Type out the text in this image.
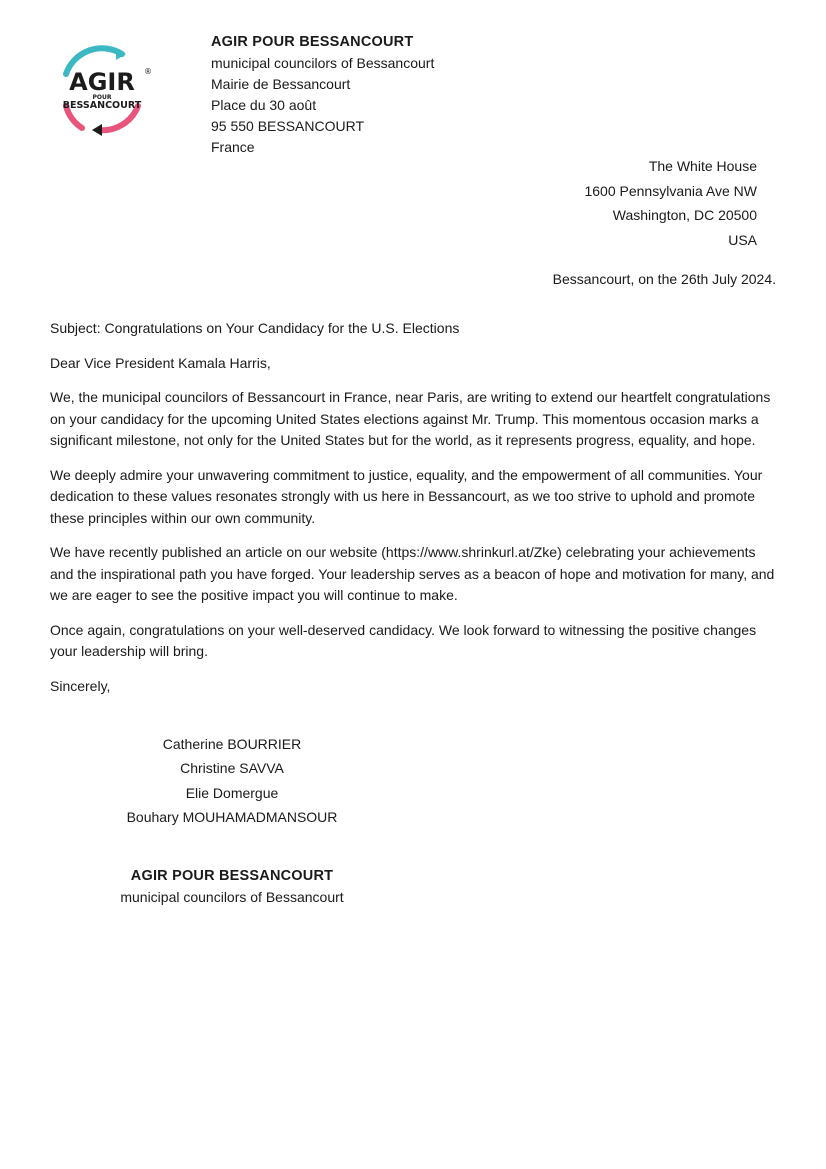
AGIR ®
POUR
BESSANCOURT
AGIR POUR BESSANCOURT
municipal councilors of Bessancourt
Mairie de Bessancourt
Place du 30 août
95 550 BESSANCOURT
France
The White House
1600 Pennsylvania Ave NW
Washington, DC 20500
USA
Bessancourt, on the 26th July 2024.

Subject: Congratulations on Your Candidacy for the U.S. Elections

Dear Vice President Kamala Harris,

We, the municipal councilors of Bessancourt in France, near Paris, are writing to extend our heartfelt congratulations on your candidacy for the upcoming United States elections against Mr. Trump. This momentous occasion marks a significant milestone, not only for the United States but for the world, as it represents progress, equality, and hope.

We deeply admire your unwavering commitment to justice, equality, and the empowerment of all communities. Your dedication to these values resonates strongly with us here in Bessancourt, as we too strive to uphold and promote these principles within our own community.

We have recently published an article on our website (https://www.shrinkurl.at/Zke) celebrating your achievements and the inspirational path you have forged. Your leadership serves as a beacon of hope and motivation for many, and we are eager to see the positive impact you will continue to make.

Once again, congratulations on your well-deserved candidacy. We look forward to witnessing the positive changes your leadership will bring.

Sincerely,

Catherine BOURRIER
Christine SAVVA
Elie Domergue
Bouhary MOUHAMADMANSOUR
AGIR POUR BESSANCOURT
municipal councilors of Bessancourt
